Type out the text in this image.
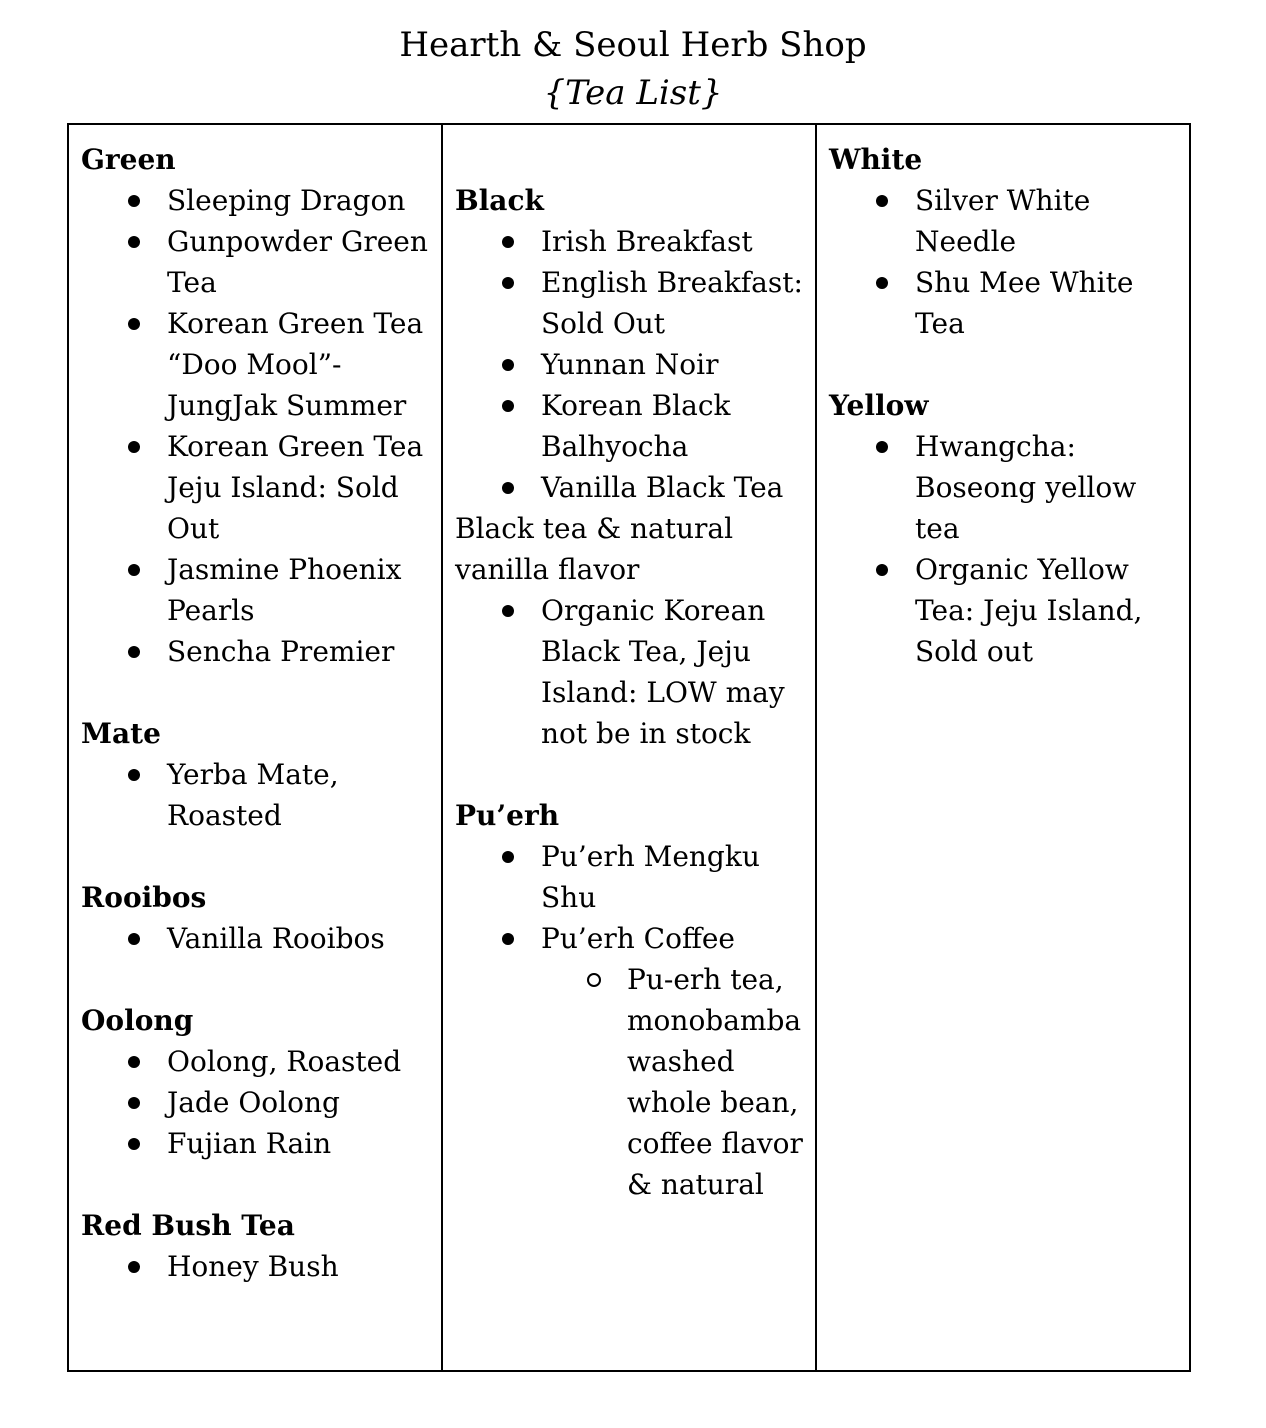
Hearth & Seoul Herb Shop

{Tea List}

Green

Sleeping Dragon
Gunpowder Green Tea
Korean Green Tea “Doo Mool”- JungJak Summer
Korean Green Tea Jeju Island: Sold Out
Jasmine Phoenix Pearls
Sencha Premier

Mate

Yerba Mate, Roasted

Rooibos

Vanilla Rooibos

Oolong

Oolong, Roasted
Jade Oolong
Fujian Rain

Red Bush Tea

Honey Bush

Black

Irish Breakfast
English Breakfast: Sold Out
Yunnan Noir
Korean Black Balhyocha
Vanilla Black Tea

Black tea & natural vanilla flavor

Organic Korean Black Tea, Jeju Island: LOW may not be in stock

Pu’erh

Pu’erh Mengku Shu
Pu’erh Coffee
Pu-erh tea, monobamba washed whole bean, coffee flavor & natural

White

Silver White Needle
Shu Mee White Tea

Yellow

Hwangcha: Boseong yellow tea
Organic Yellow Tea: Jeju Island, Sold out
